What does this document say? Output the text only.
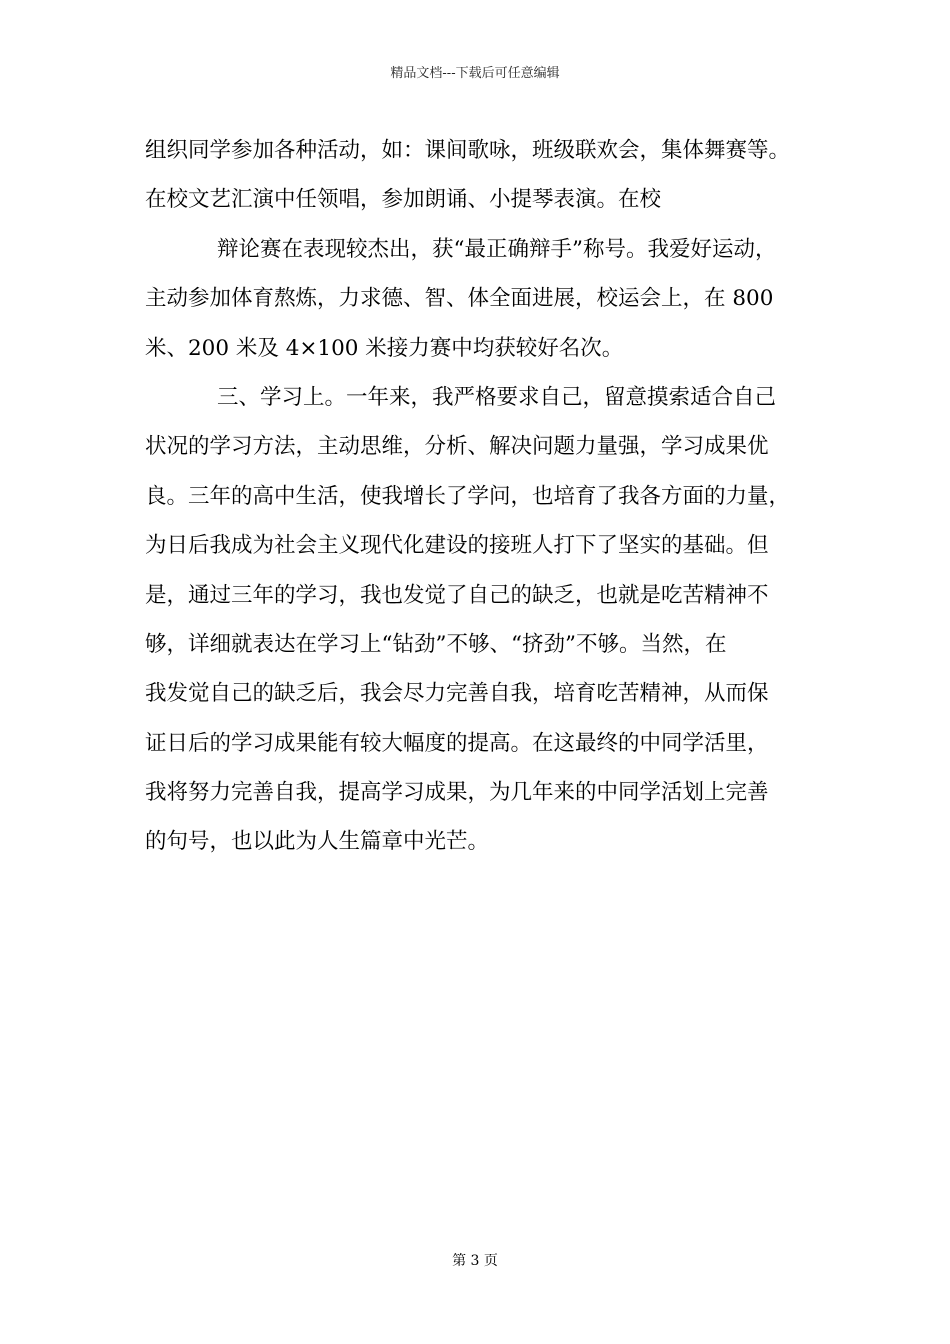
精品文档---下载后可任意编辑
组织同学参加各种活动，如：课间歌咏，班级联欢会，集体舞赛等。
在校文艺汇演中任领唱，参加朗诵、小提琴表演。在校
辩论赛在表现较杰出，获“最正确辩手”称号。我爱好运动，
主动参加体育熬炼，力求德、智、体全面进展，校运会上，在 800
米、200 米及 4×100 米接力赛中均获较好名次。
三、学习上。一年来，我严格要求自己，留意摸索适合自己
状况的学习方法，主动思维，分析、解决问题力量强，学习成果优
良。三年的高中生活，使我增长了学问，也培育了我各方面的力量，
为日后我成为社会主义现代化建设的接班人打下了坚实的基础。但
是，通过三年的学习，我也发觉了自己的缺乏，也就是吃苦精神不
够，详细就表达在学习上“钻劲”不够、“挤劲”不够。当然，在
我发觉自己的缺乏后，我会尽力完善自我，培育吃苦精神，从而保
证日后的学习成果能有较大幅度的提高。在这最终的中同学活里，
我将努力完善自我，提高学习成果，为几年来的中同学活划上完善
的句号，也以此为人生篇章中光芒。
第 3 页
